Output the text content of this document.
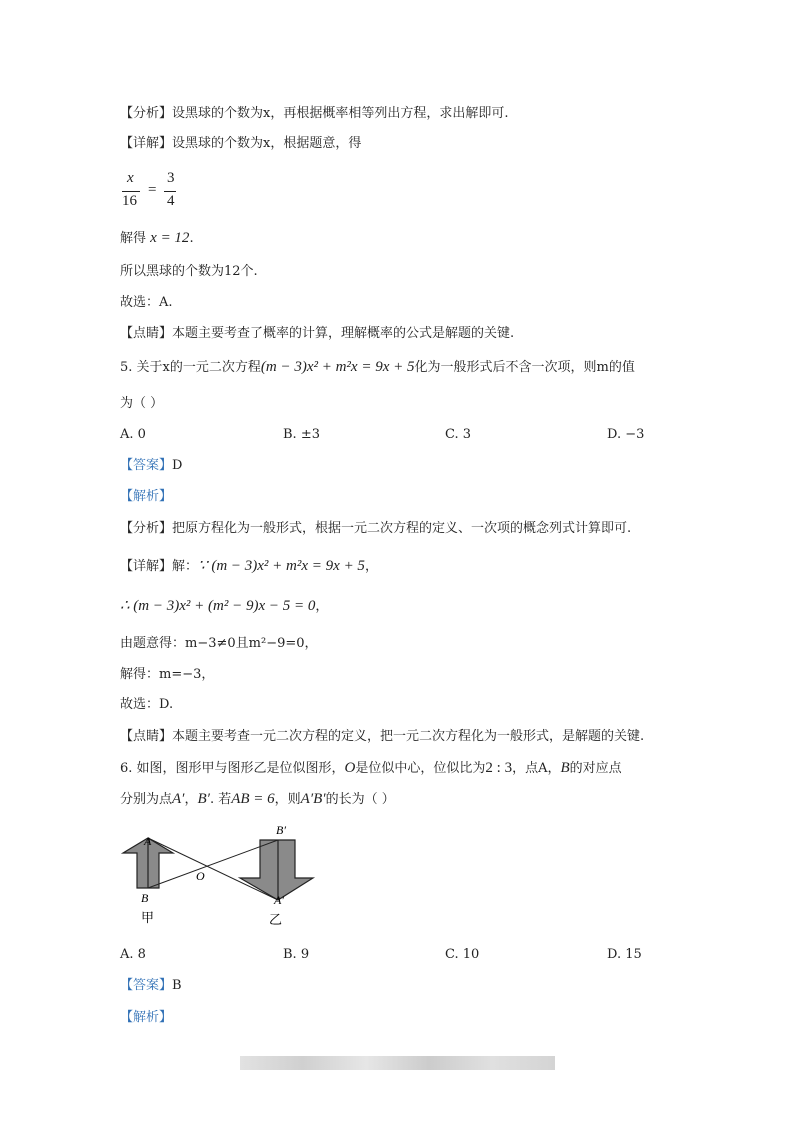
【分析】设黑球的个数为x，再根据概率相等列出方程，求出解即可.
【详解】设黑球的个数为x，根据题意，得
x
16
=
3
4
解得 x = 12.
所以黑球的个数为12个.
故选：A.
【点睛】本题主要考查了概率的计算，理解概率的公式是解题的关键.
5. 关于x的一元二次方程(m − 3)x² + m²x = 9x + 5化为一般形式后不含一次项，则m的值
为（ ）
A. 0	B. ±3	C. 3	D. −3
【答案】D
【解析】
【分析】把原方程化为一般形式，根据一元二次方程的定义、一次项的概念列式计算即可.
【详解】解：∵ (m − 3)x² + m²x = 9x + 5，
∴ (m − 3)x² + (m² − 9)x − 5 = 0，
由题意得：m−3≠0且m²−9=0，
解得：m=−3，
故选：D.
【点睛】本题主要考查一元二次方程的定义，把一元二次方程化为一般形式，是解题的关键.
6. 如图，图形甲与图形乙是位似图形，O是位似中心，位似比为2 : 3，点A，B的对应点
分别为点A′，B′. 若AB = 6，则A′B′的长为（ ）
A
B
O
B′
A′
甲	乙
A. 8	B. 9	C. 10	D. 15
【答案】B
【解析】
